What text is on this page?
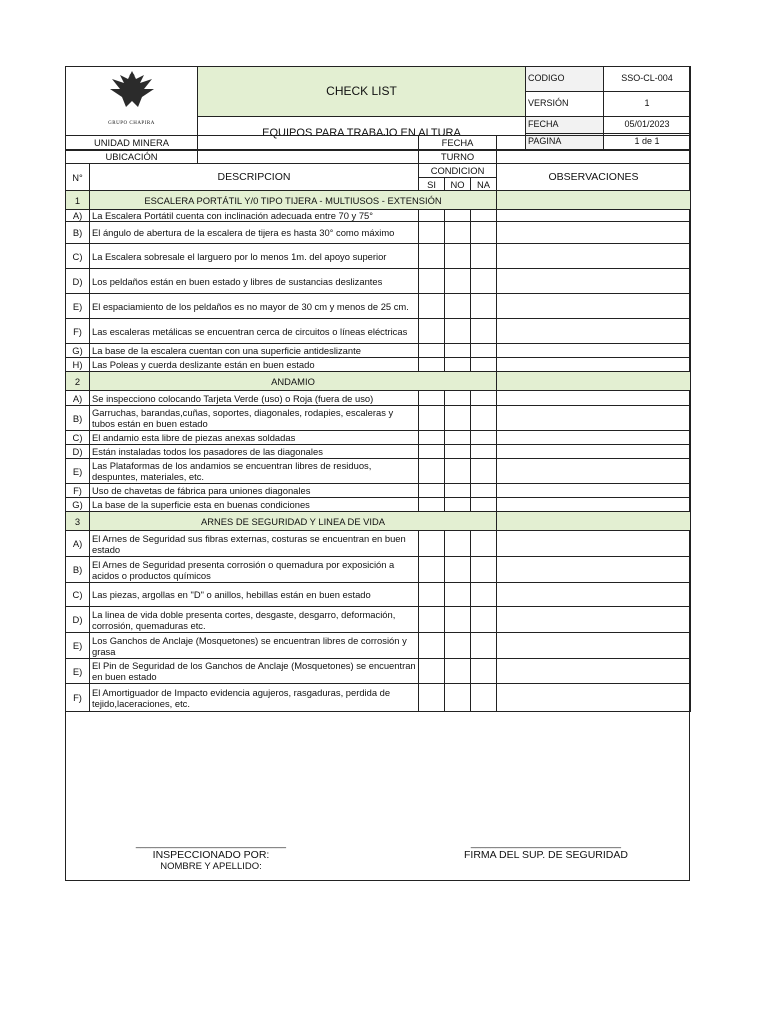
	CHECK LIST	CODIGO	SSO-CL-004
		VERSIÓN	1
GRUPO CHAPIRA	EQUIPOS PARA TRABAJO EN ALTURA	FECHA	05/01/2023
		PAGINA	1 de 1
UNIDAD MINERA			FECHA			
UBICACIÓN			TURNO			
N°	DESCRIPCION		CONDICION			OBSERVACIONES
			SI	NO	NA	
1	ESCALERA PORTÁTIL Y/0 TIPO TIJERA - MULTIUSOS - EXTENSIÓN					
A)	La Escalera Portátil cuenta con inclinación adecuada entre 70 y 75°					
B)	El ángulo de abertura de la escalera de tijera es hasta 30° como máximo					
C)	La Escalera sobresale el larguero por lo menos 1m. del apoyo superior					
D)	Los peldaños están en buen estado y libres de sustancias deslizantes					
E)	El espaciamiento de los peldaños es no mayor de 30 cm y menos de 25 cm.					
F)	Las escaleras metálicas se encuentran cerca de circuitos o líneas eléctricas					
G)	La base de la escalera cuentan con una superficie antideslizante					
H)	Las Poleas y cuerda deslizante están en buen estado					
2	ANDAMIO					
A)	Se inspecciono colocando Tarjeta Verde (uso) o Roja (fuera de uso)					
B)	Garruchas, barandas,cuñas, soportes, diagonales, rodapies, escaleras y tubos están en buen estado					
C)	El andamio esta libre de piezas anexas soldadas					
D)	Están instaladas todos los pasadores de las diagonales					
E)	Las Plataformas de los andamios se encuentran libres de residuos, despuntes, materiales, etc.					
F)	Uso de chavetas de fábrica para uniones diagonales					
G)	La base de la superficie esta en buenas condiciones					
3	ARNES DE SEGURIDAD Y LINEA DE VIDA					
A)	El Arnes de Seguridad sus fibras externas, costuras se encuentran en buen estado					
B)	El Arnes de Seguridad presenta corrosión o quemadura por exposición a acidos o productos químicos					
C)	Las piezas, argollas en "D" o anillos, hebillas están en buen estado					
D)	La linea de vida doble presenta cortes, desgaste, desgarro, deformación, corrosión, quemaduras etc.					
E)	Los Ganchos de Anclaje (Mosquetones) se encuentran libres de corrosión y grasa					
E)	El Pin de Seguridad de los Ganchos de Anclaje (Mosquetones) se encuentran en buen estado					
F)	El Amortiguador de Impacto evidencia agujeros, rasgaduras, perdida de tejido,laceraciones, etc.					
______________________________
INSPECCIONADO POR:
NOMBRE Y APELLIDO:
______________________________
FIRMA DEL SUP. DE SEGURIDAD
